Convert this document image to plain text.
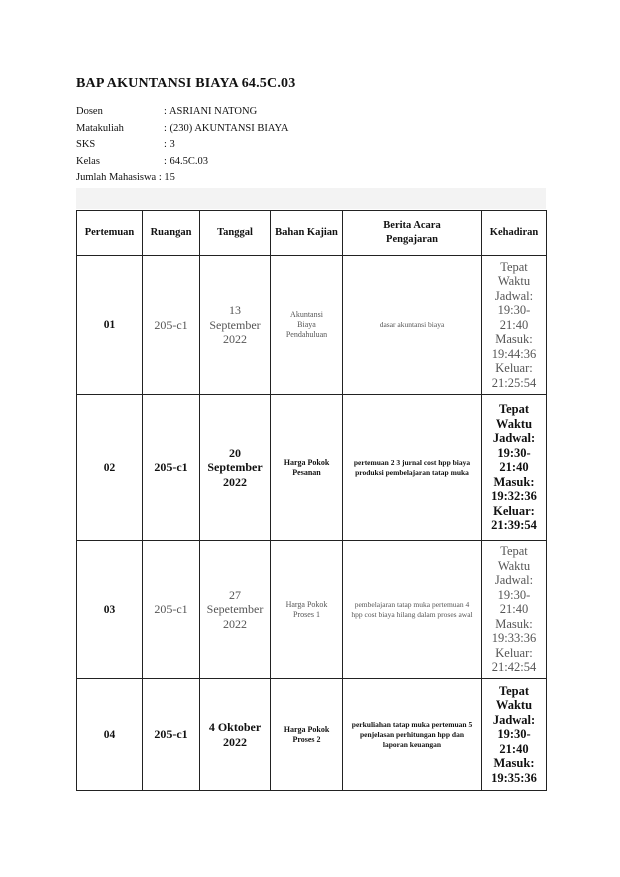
BAP AKUNTANSI BIAYA 64.5C.03
Dosen	: ASRIANI NATONG
Matakuliah	: (230) AKUNTANSI BIAYA
SKS	: 3
Kelas	: 64.5C.03
Jumlah Mahasiswa
: 15
Pertemuan	Ruangan	Tanggal	Bahan Kajian	Berita Acara Pengajaran	Kehadiran
01	205-c1	13 September 2022	Akuntansi Biaya Pendahuluan	dasar akuntansi biaya	Tepat Waktu Jadwal: 19:30-21:40 Masuk: 19:44:36 Keluar: 21:25:54
02	205-c1	20 September 2022	Harga Pokok Pesanan	pertemuan 2 3 jurnal cost hpp biaya produksi pembelajaran tatap muka	Tepat Waktu Jadwal: 19:30-21:40 Masuk: 19:32:36 Keluar: 21:39:54
03	205-c1	27 Sepetember 2022	Harga Pokok Proses 1	pembelajaran tatap muka pertemuan 4 hpp cost biaya hilang dalam proses awal	Tepat Waktu Jadwal: 19:30-21:40 Masuk: 19:33:36 Keluar: 21:42:54
04	205-c1	4 Oktober 2022	Harga Pokok Proses 2	perkuliahan tatap muka pertemuan 5 penjelasan perhitungan hpp dan laporan keuangan	Tepat Waktu Jadwal: 19:30-21:40 Masuk: 19:35:36
